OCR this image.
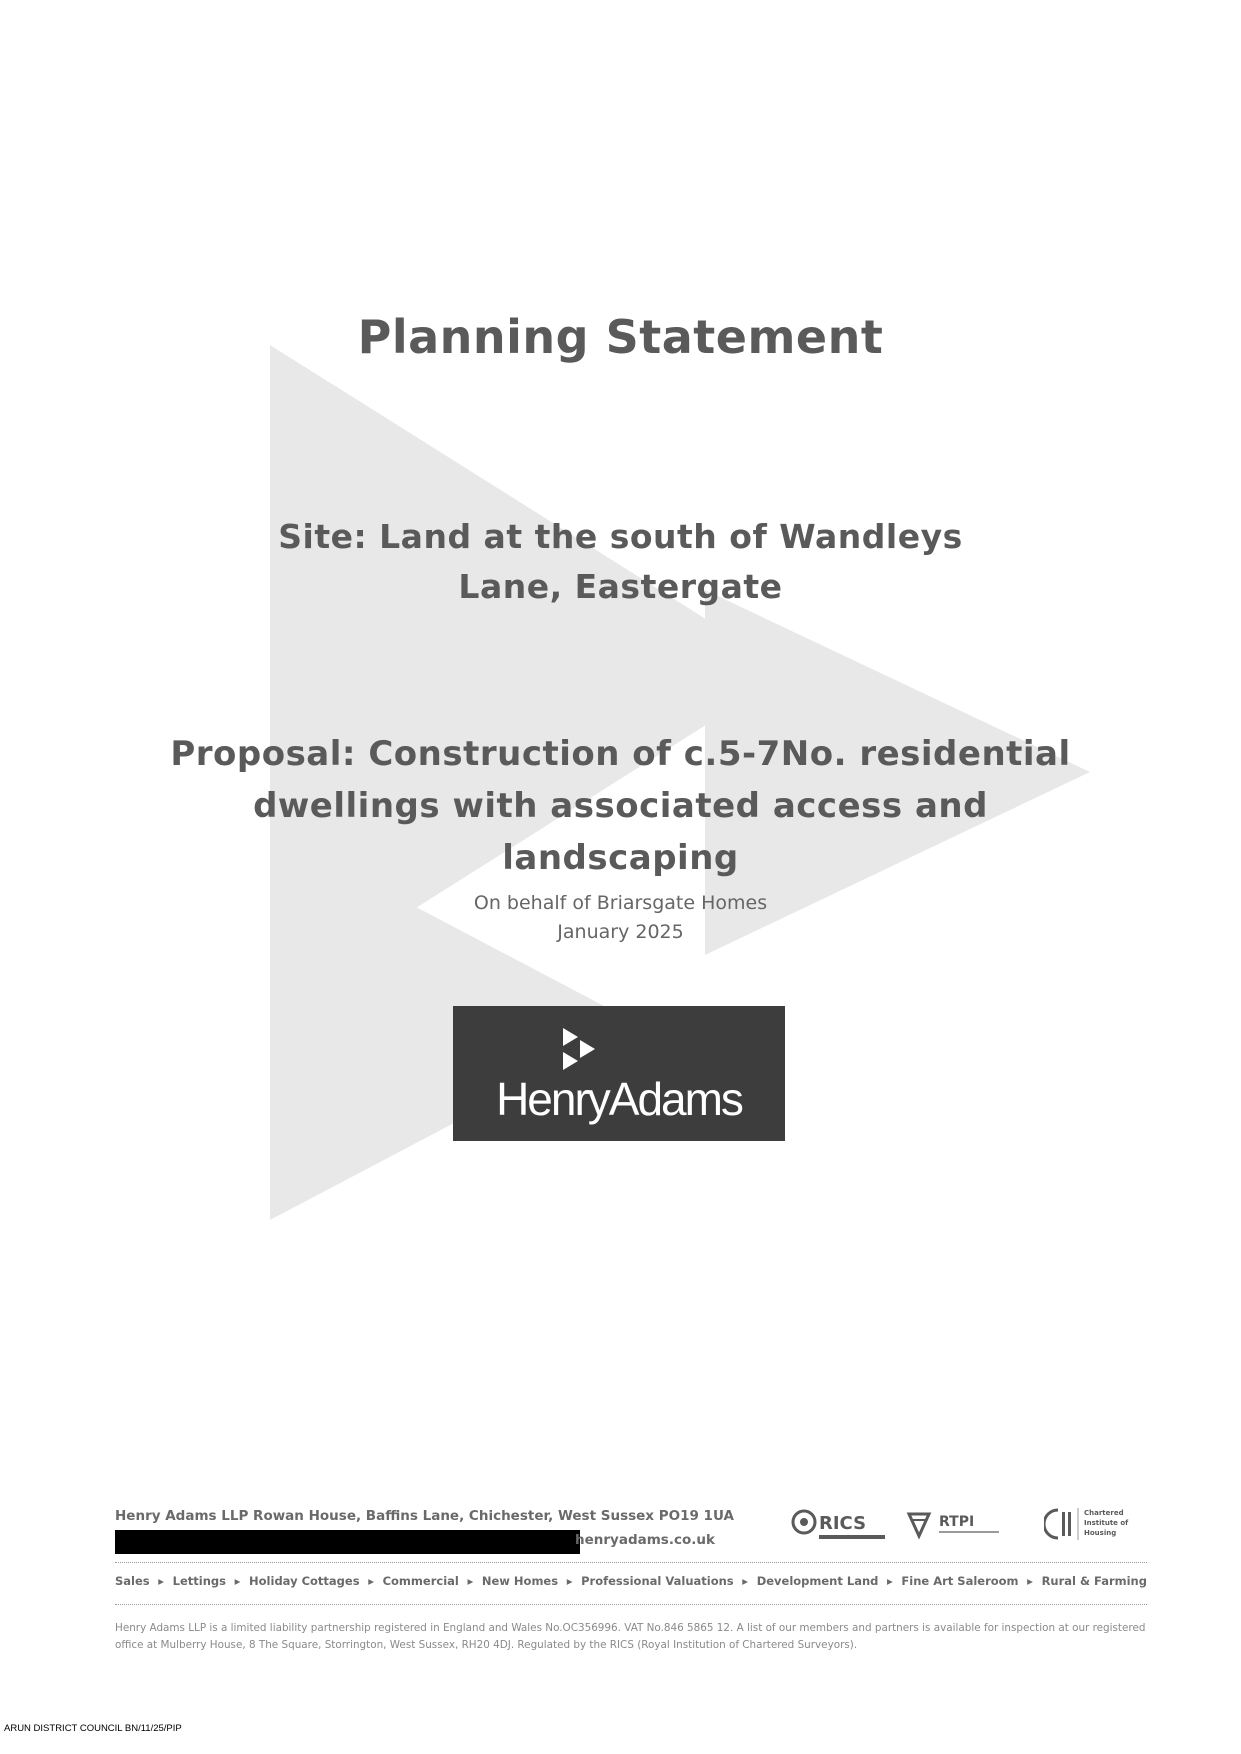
Planning Statement
Site: Land at the south of Wandleys Lane, Eastergate
Proposal: Construction of c.5-7No. residential dwellings with associated access and landscaping
On behalf of Briarsgate Homes
January 2025
HenryAdams
Henry Adams LLP Rowan House, Baffins Lane, Chichester, West Sussex PO19 1UA
henryadams.co.uk
RICS	RTPI
Chartered Institute of Housing
Sales ▸ Lettings ▸ Holiday Cottages ▸ Commercial ▸ New Homes ▸ Professional Valuations ▸ Development Land ▸ Fine Art Saleroom ▸ Rural & Farming
Henry Adams LLP is a limited liability partnership registered in England and Wales No.OC356996. VAT No.846 5865 12. A list of our members and partners is available for inspection at our registered office at Mulberry House, 8 The Square, Storrington, West Sussex, RH20 4DJ. Regulated by the RICS (Royal Institution of Chartered Surveyors).
ARUN DISTRICT COUNCIL BN/11/25/PIP
